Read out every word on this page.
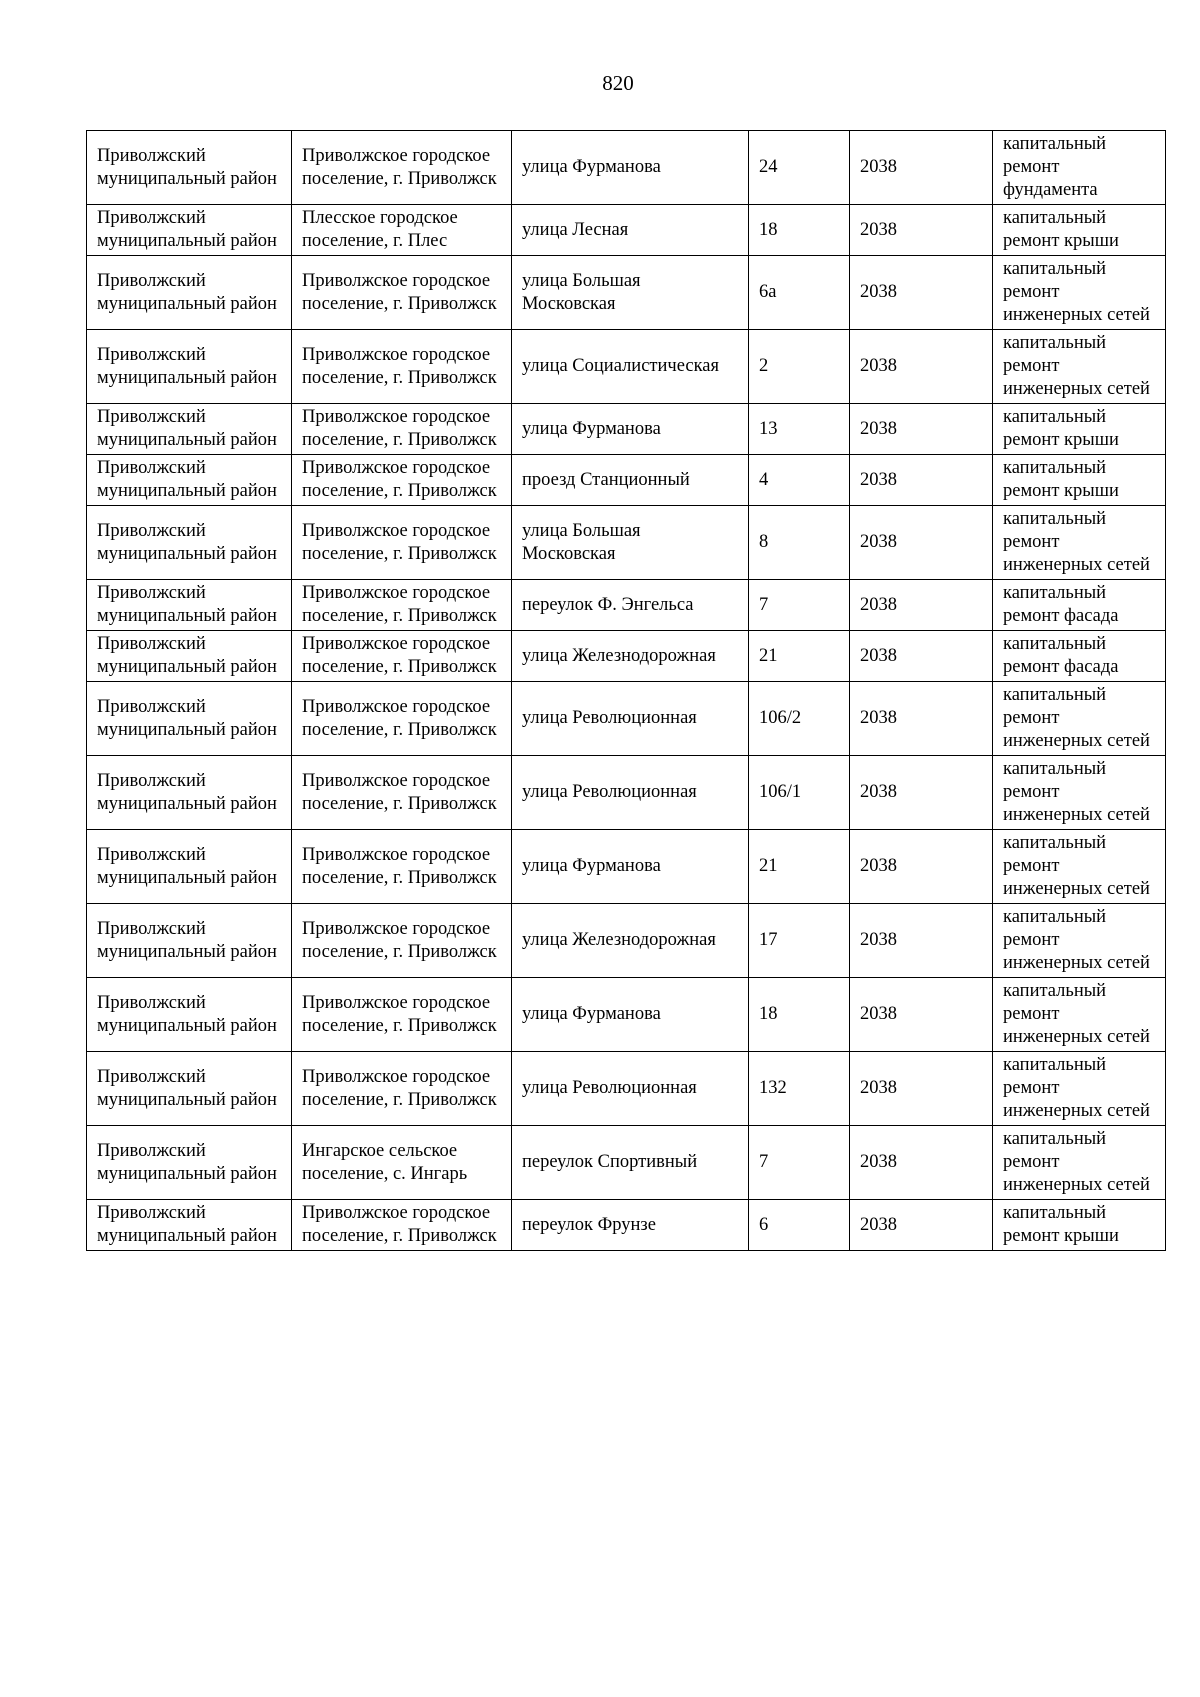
820
Приволжский муниципальный район	Приволжское городское поселение, г. Приволжск	улица Фурманова	24	2038	капитальный ремонт фундамента
Приволжский муниципальный район	Плесское городское поселение, г. Плес	улица Лесная	18	2038	капитальный ремонт крыши
Приволжский муниципальный район	Приволжское городское поселение, г. Приволжск	улица Большая Московская	6а	2038	капитальный ремонт инженерных сетей
Приволжский муниципальный район	Приволжское городское поселение, г. Приволжск	улица Социалистическая	2	2038	капитальный ремонт инженерных сетей
Приволжский муниципальный район	Приволжское городское поселение, г. Приволжск	улица Фурманова	13	2038	капитальный ремонт крыши
Приволжский муниципальный район	Приволжское городское поселение, г. Приволжск	проезд Станционный	4	2038	капитальный ремонт крыши
Приволжский муниципальный район	Приволжское городское поселение, г. Приволжск	улица Большая Московская	8	2038	капитальный ремонт инженерных сетей
Приволжский муниципальный район	Приволжское городское поселение, г. Приволжск	переулок Ф. Энгельса	7	2038	капитальный ремонт фасада
Приволжский муниципальный район	Приволжское городское поселение, г. Приволжск	улица Железнодорожная	21	2038	капитальный ремонт фасада
Приволжский муниципальный район	Приволжское городское поселение, г. Приволжск	улица Революционная	106/2	2038	капитальный ремонт инженерных сетей
Приволжский муниципальный район	Приволжское городское поселение, г. Приволжск	улица Революционная	106/1	2038	капитальный ремонт инженерных сетей
Приволжский муниципальный район	Приволжское городское поселение, г. Приволжск	улица Фурманова	21	2038	капитальный ремонт инженерных сетей
Приволжский муниципальный район	Приволжское городское поселение, г. Приволжск	улица Железнодорожная	17	2038	капитальный ремонт инженерных сетей
Приволжский муниципальный район	Приволжское городское поселение, г. Приволжск	улица Фурманова	18	2038	капитальный ремонт инженерных сетей
Приволжский муниципальный район	Приволжское городское поселение, г. Приволжск	улица Революционная	132	2038	капитальный ремонт инженерных сетей
Приволжский муниципальный район	Ингарское сельское поселение, с. Ингарь	переулок Спортивный	7	2038	капитальный ремонт инженерных сетей
Приволжский муниципальный район	Приволжское городское поселение, г. Приволжск	переулок Фрунзе	6	2038	капитальный ремонт крыши
